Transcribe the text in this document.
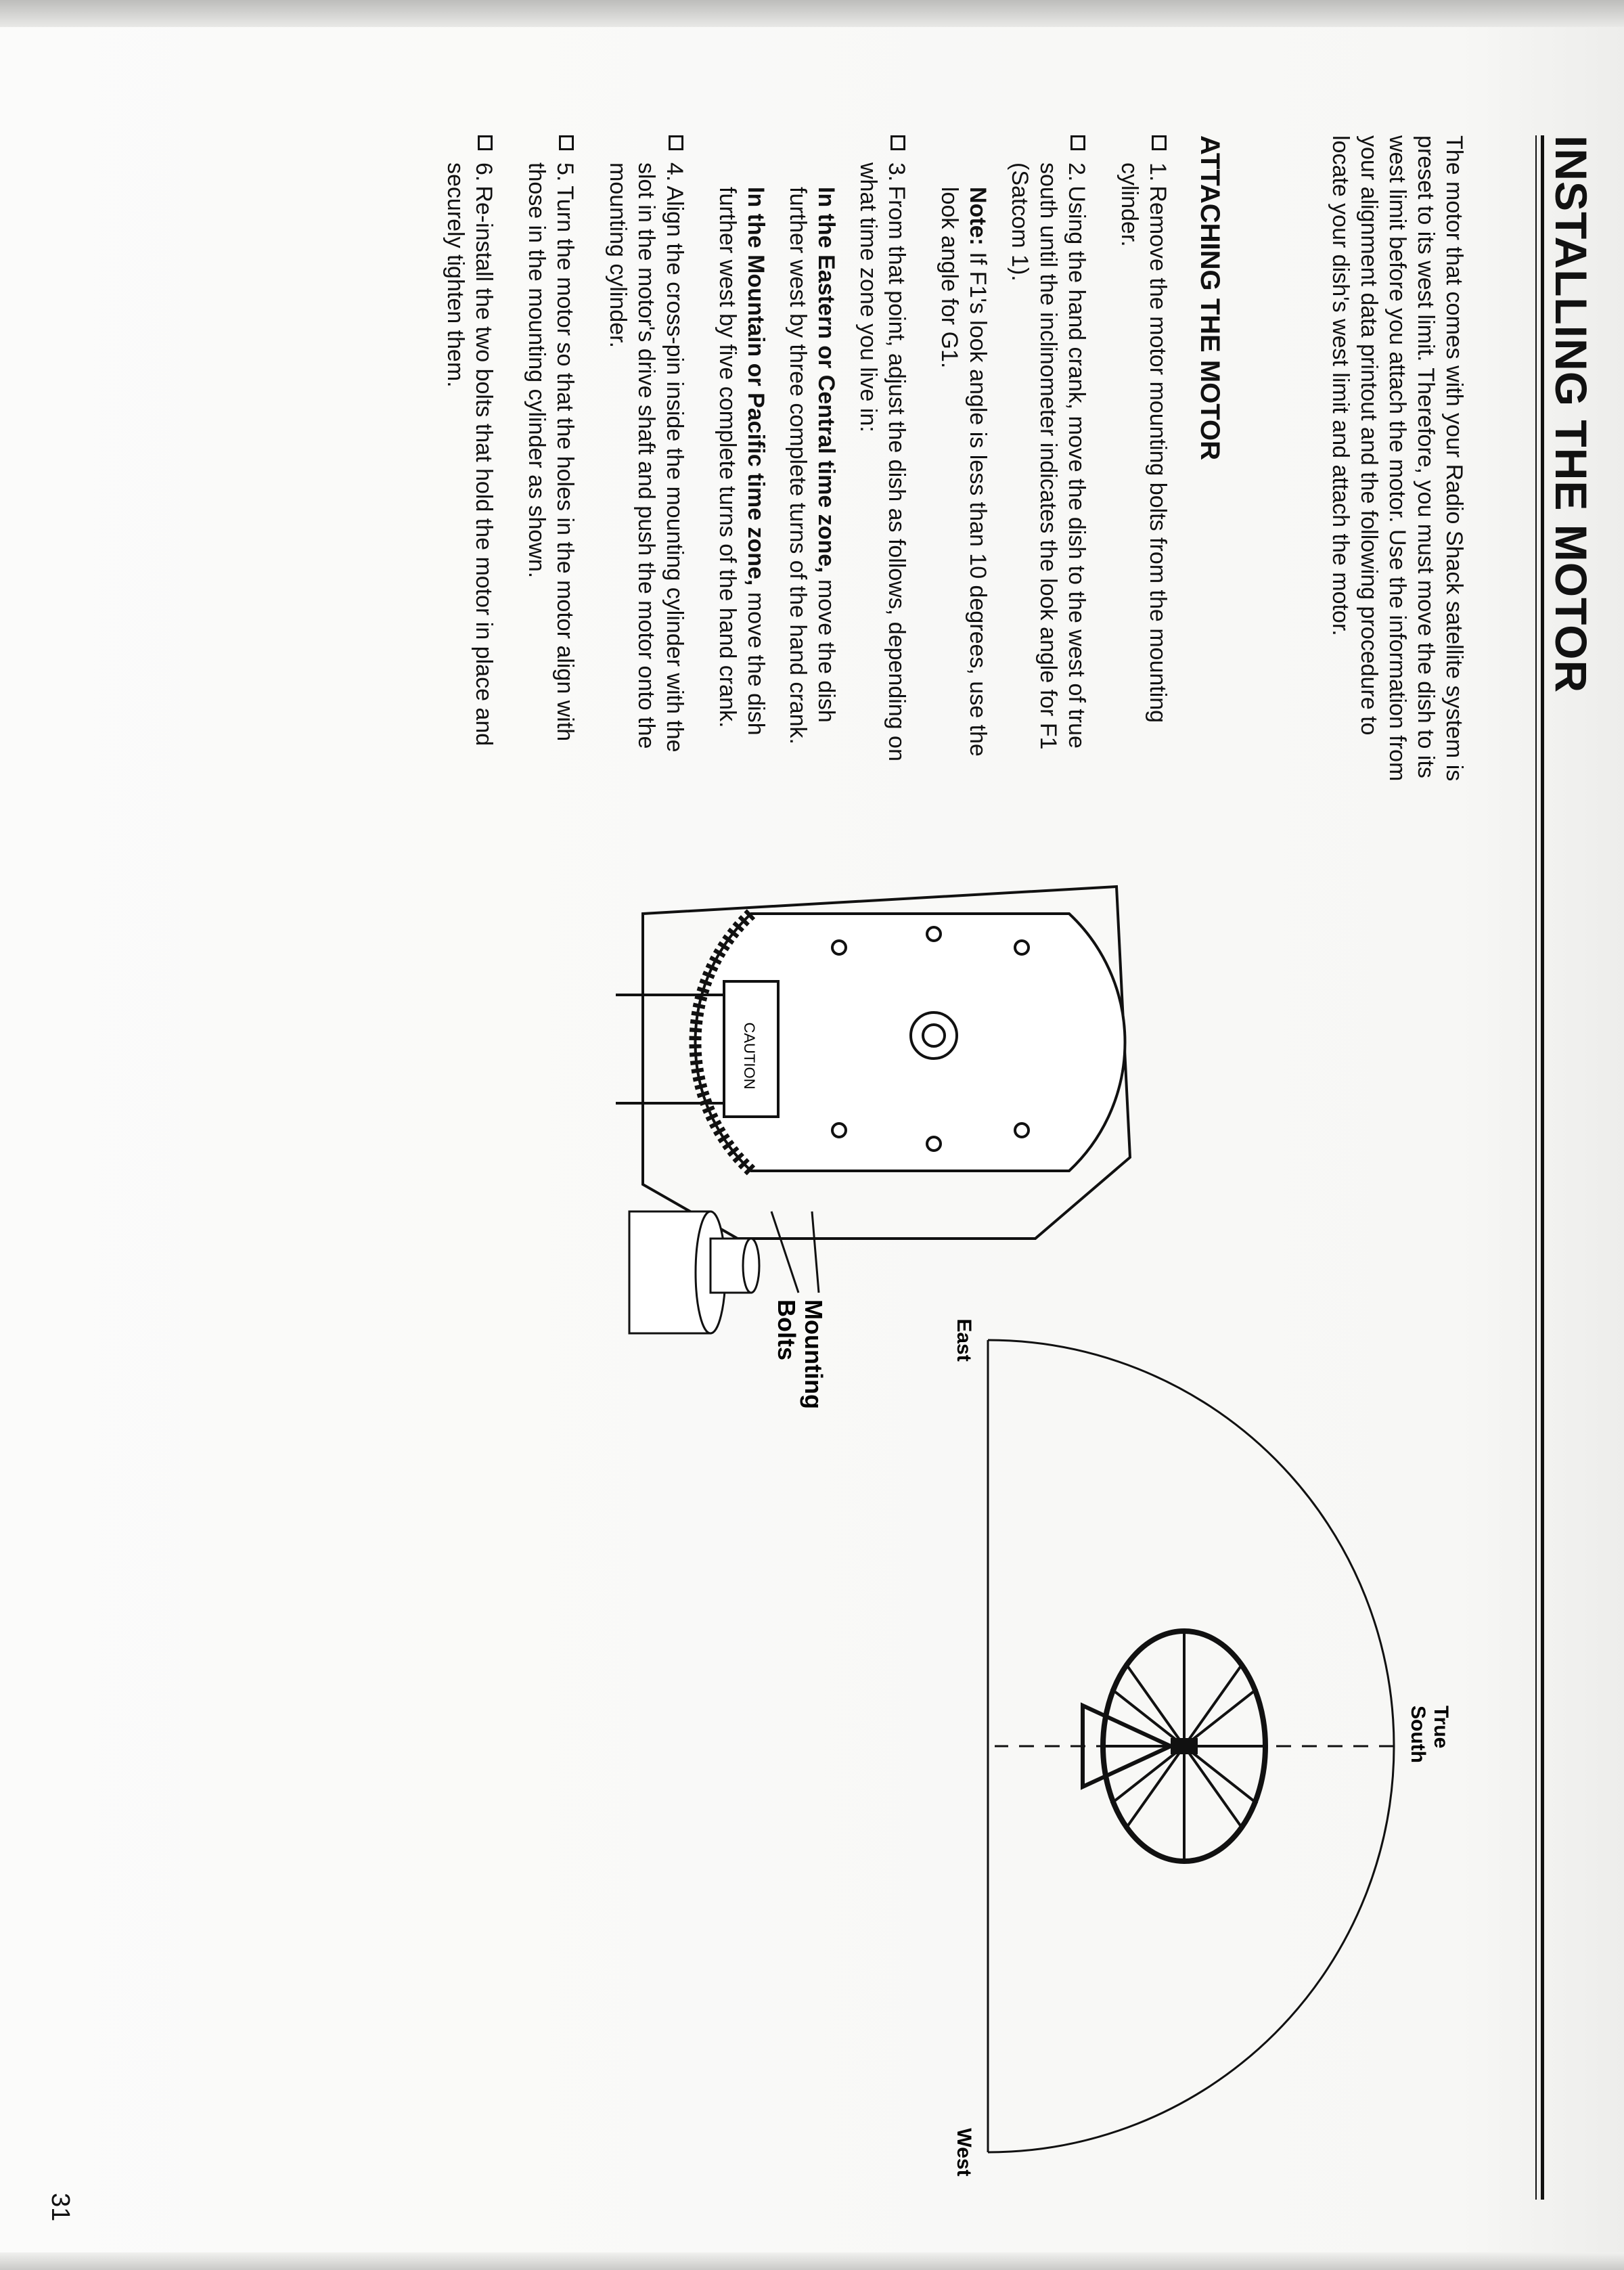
INSTALLING THE MOTOR

The motor that comes with your Radio Shack satellite system is preset to its west limit. Therefore, you must move the dish to its west limit before you attach the motor. Use the information from your alignment data printout and the following procedure to locate your dish's west limit and attach the motor.

ATTACHING THE MOTOR
1.Remove the motor mounting bolts from the mounting cylinder.
2.Using the hand crank, move the dish to the west of true south until the inclinometer indicates the look angle for F1 (Satcom 1).
Note: If F1's look angle is less than 10 degrees, use the look angle for G1.
3.From that point, adjust the dish as follows, depending on what time zone you live in:
In the Eastern or Central time zone, move the dish further west by three complete turns of the hand crank.
In the Mountain or Pacific time zone, move the dish further west by five complete turns of the hand crank.
4.Align the cross-pin inside the mounting cylinder with the slot in the motor's drive shaft and push the motor onto the mounting cylinder.
5.Turn the motor so that the holes in the motor align with those in the mounting cylinder as shown.
6.Re-install the two bolts that hold the motor in place and securely tighten them.
East
West
True
South
CAUTION
Mounting
Bolts
31
